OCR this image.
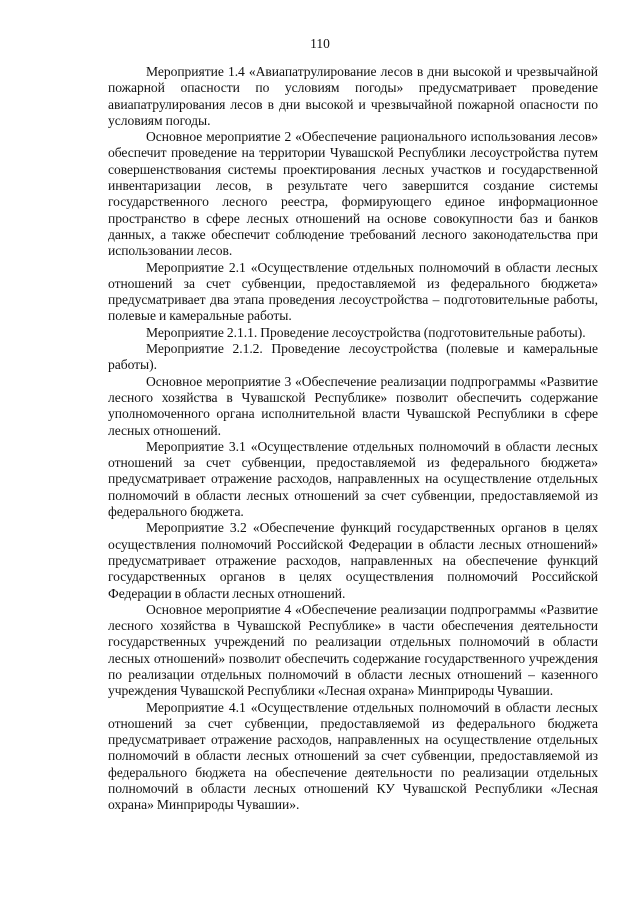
110

Мероприятие 1.4 «Авиапатрулирование лесов в дни высокой и чрезвычайной пожарной опасности по условиям погоды» предусматривает проведение авиапатрулирования лесов в дни высокой и чрезвычайной пожарной опасности по условиям погоды.

Основное мероприятие 2 «Обеспечение рационального использования лесов» обеспечит проведение на территории Чувашской Республики лесоустройства путем совершенствования системы проектирования лесных участков и государственной инвентаризации лесов, в результате чего завершится создание системы государственного лесного реестра, формирующего единое информационное пространство в сфере лесных отношений на основе совокупности баз и банков данных, а также обеспечит соблюдение требований лесного законодательства при использовании лесов.

Мероприятие 2.1 «Осуществление отдельных полномочий в области лесных отношений за счет субвенции, предоставляемой из федерального бюджета» предусматривает два этапа проведения лесоустройства – подготовительные работы, полевые и камеральные работы.

Мероприятие 2.1.1. Проведение лесоустройства (подготовительные работы).

Мероприятие 2.1.2. Проведение лесоустройства (полевые и камеральные работы).

Основное мероприятие 3 «Обеспечение реализации подпрограммы «Развитие лесного хозяйства в Чувашской Республике» позволит обеспечить содержание уполномоченного органа исполнительной власти Чувашской Республики в сфере лесных отношений.

Мероприятие 3.1 «Осуществление отдельных полномочий в области лесных отношений за счет субвенции, предоставляемой из федерального бюджета» предусматривает отражение расходов, направленных на осуществление отдельных полномочий в области лесных отношений за счет субвенции, предоставляемой из федерального бюджета.

Мероприятие 3.2 «Обеспечение функций государственных органов в целях осуществления полномочий Российской Федерации в области лесных отношений» предусматривает отражение расходов, направленных на обеспечение функций государственных органов в целях осуществления полномочий Российской Федерации в области лесных отношений.

Основное мероприятие 4 «Обеспечение реализации подпрограммы «Развитие лесного хозяйства в Чувашской Республике» в части обеспечения деятельности государственных учреждений по реализации отдельных полномочий в области лесных отношений» позволит обеспечить содержание государственного учреждения по реализации отдельных полномочий в области лесных отношений – казенного учреждения Чувашской Республики «Лесная охрана» Минприроды Чувашии.

Мероприятие 4.1 «Осуществление отдельных полномочий в области лесных отношений за счет субвенции, предоставляемой из федерального бюджета предусматривает отражение расходов, направленных на осуществление отдельных полномочий в области лесных отношений за счет субвенции, предоставляемой из федерального бюджета на обеспечение деятельности по реализации отдельных полномочий в области лесных отношений КУ Чувашской Республики «Лесная охрана» Минприроды Чувашии».
